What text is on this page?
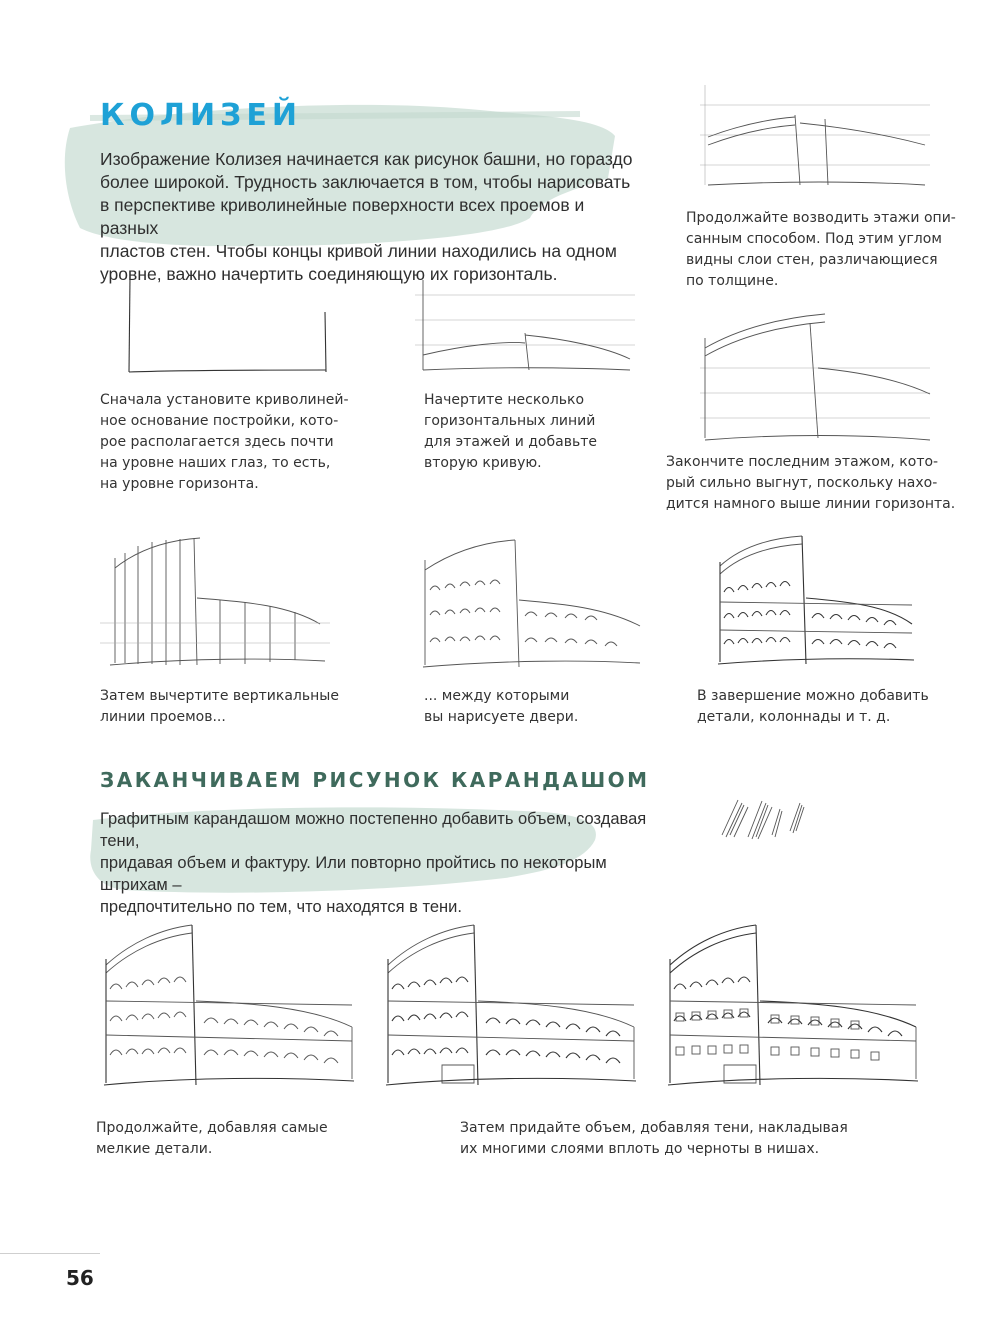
КОЛИЗЕЙ
Изображение Колизея начинается как рисунок башни, но гораздо
более широкой. Трудность заключается в том, чтобы нарисовать
в перспективе криволинейные поверхности всех проемов и разных
пластов стен. Чтобы концы кривой линии находились на одном
уровне, важно начертить соединяющую их горизонталь.
Продолжайте возводить этажи опи-
санным способом. Под этим углом
видны слои стен, различающиеся
по толщине.
Закончите последним этажом, кото-
рый сильно выгнут, поскольку нахо-
дится намного выше линии горизонта.
Сначала установите криволиней-
ное основание постройки, кото-
рое располагается здесь почти
на уровне наших глаз, то есть,
на уровне горизонта.
Начертите несколько
горизонтальных линий
для этажей и добавьте
вторую кривую.
Затем вычертите вертикальные
линии проемов...
... между которыми
вы нарисуете двери.
В завершение можно добавить
детали, колоннады и т. д.
ЗАКАНЧИВАЕМ РИСУНОК КАРАНДАШОМ
Графитным карандашом можно постепенно добавить объем, создавая тени,
придавая объем и фактуру. Или повторно пройтись по некоторым штрихам –
предпочтительно по тем, что находятся в тени.
Продолжайте, добавляя самые
мелкие детали.
Затем придайте объем, добавляя тени, накладывая
их многими слоями вплоть до черноты в нишах.
56
